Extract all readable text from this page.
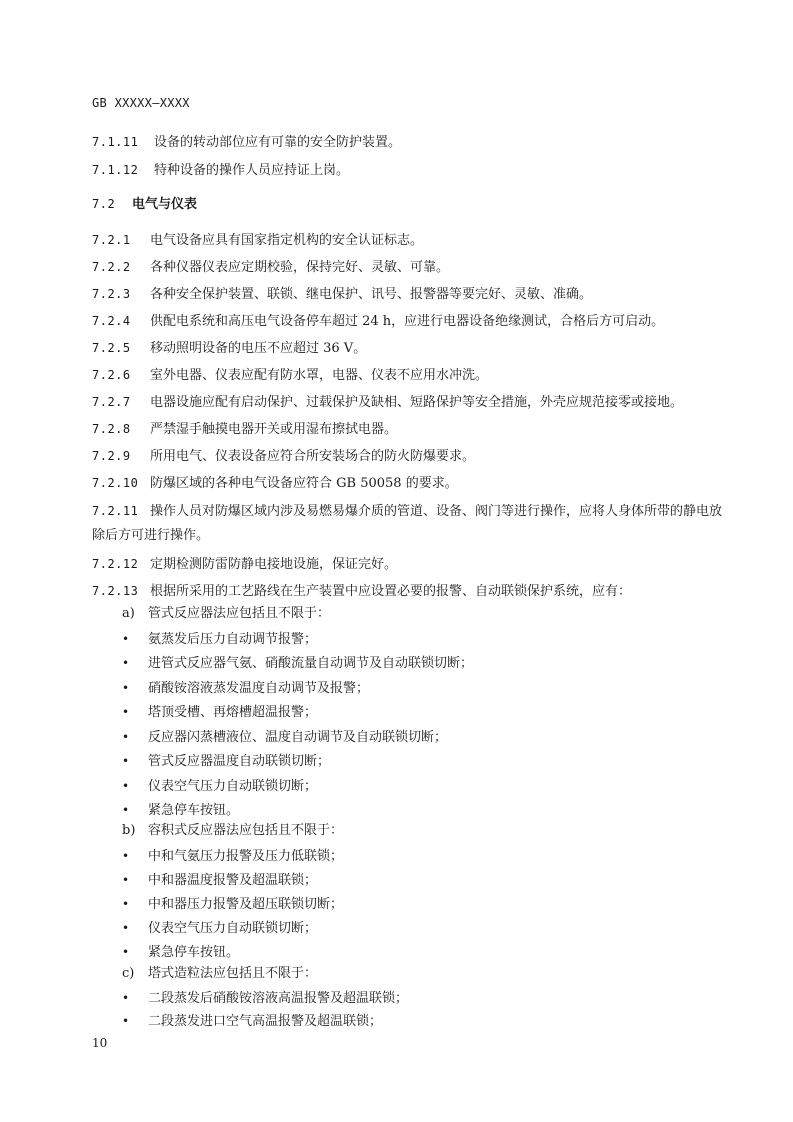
GB XXXXX—XXXX
7.1.11 设备的转动部位应有可靠的安全防护装置。
7.1.12 特种设备的操作人员应持证上岗。
7.2 电气与仪表
7.2.1 电气设备应具有国家指定机构的安全认证标志。
7.2.2 各种仪器仪表应定期校验，保持完好、灵敏、可靠。
7.2.3 各种安全保护装置、联锁、继电保护、讯号、报警器等要完好、灵敏、准确。
7.2.4 供配电系统和高压电气设备停车超过 24 h，应进行电器设备绝缘测试，合格后方可启动。
7.2.5 移动照明设备的电压不应超过 36 V。
7.2.6 室外电器、仪表应配有防水罩，电器、仪表不应用水冲洗。
7.2.7 电器设施应配有启动保护、过载保护及缺相、短路保护等安全措施，外壳应规范接零或接地。
7.2.8 严禁湿手触摸电器开关或用湿布擦拭电器。
7.2.9 所用电气、仪表设备应符合所安装场合的防火防爆要求。
7.2.10 防爆区域的各种电气设备应符合 GB 50058 的要求。
7.2.11 操作人员对防爆区域内涉及易燃易爆介质的管道、设备、阀门等进行操作，应将人身体所带的静电放除后方可进行操作。
7.2.12 定期检测防雷防静电接地设施，保证完好。
7.2.13 根据所采用的工艺路线在生产装置中应设置必要的报警、自动联锁保护系统，应有：
a) 管式反应器法应包括且不限于：
• 氨蒸发后压力自动调节报警；
• 进管式反应器气氨、硝酸流量自动调节及自动联锁切断；
• 硝酸铵溶液蒸发温度自动调节及报警；
• 塔顶受槽、再熔槽超温报警；
• 反应器闪蒸槽液位、温度自动调节及自动联锁切断；
• 管式反应器温度自动联锁切断；
• 仪表空气压力自动联锁切断；
• 紧急停车按钮。
b) 容积式反应器法应包括且不限于：
• 中和气氨压力报警及压力低联锁；
• 中和器温度报警及超温联锁；
• 中和器压力报警及超压联锁切断；
• 仪表空气压力自动联锁切断；
• 紧急停车按钮。
c) 塔式造粒法应包括且不限于：
• 二段蒸发后硝酸铵溶液高温报警及超温联锁；
• 二段蒸发进口空气高温报警及超温联锁；
10
